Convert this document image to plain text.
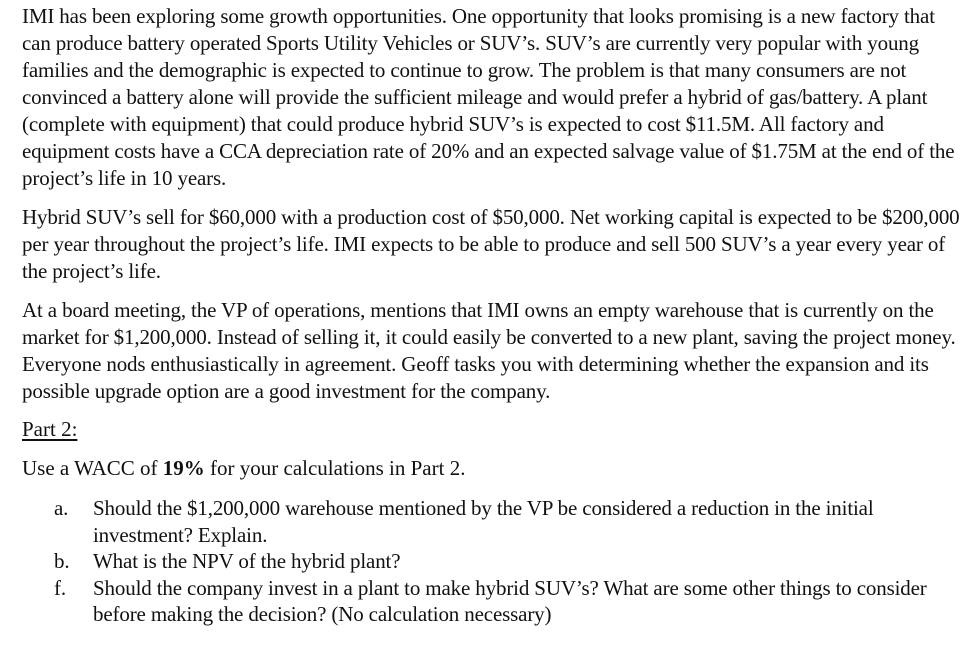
IMI has been exploring some growth opportunities. One opportunity that looks promising is a new factory that can produce battery operated Sports Utility Vehicles or SUV’s. SUV’s are currently very popular with young families and the demographic is expected to continue to grow. The problem is that many consumers are not convinced a battery alone will provide the sufficient mileage and would prefer a hybrid of gas/battery. A plant (complete with equipment) that could produce hybrid SUV’s is expected to cost $11.5M. All factory and equipment costs have a CCA depreciation rate of 20% and an expected salvage value of $1.75M at the end of the project’s life in 10 years.

Hybrid SUV’s sell for $60,000 with a production cost of $50,000. Net working capital is expected to be $200,000 per year throughout the project’s life. IMI expects to be able to produce and sell 500 SUV’s a year every year of the project’s life.

At a board meeting, the VP of operations, mentions that IMI owns an empty warehouse that is currently on the market for $1,200,000. Instead of selling it, it could easily be converted to a new plant, saving the project money. Everyone nods enthusiastically in agreement. Geoff tasks you with determining whether the expansion and its possible upgrade option are a good investment for the company.

Part 2:

Use a WACC of 19% for your calculations in Part 2.

a.	Should the $1,200,000 warehouse mentioned by the VP be considered a reduction in the initial investment? Explain.
b.	What is the NPV of the hybrid plant?
f.	Should the company invest in a plant to make hybrid SUV’s? What are some other things to consider before making the decision? (No calculation necessary)
